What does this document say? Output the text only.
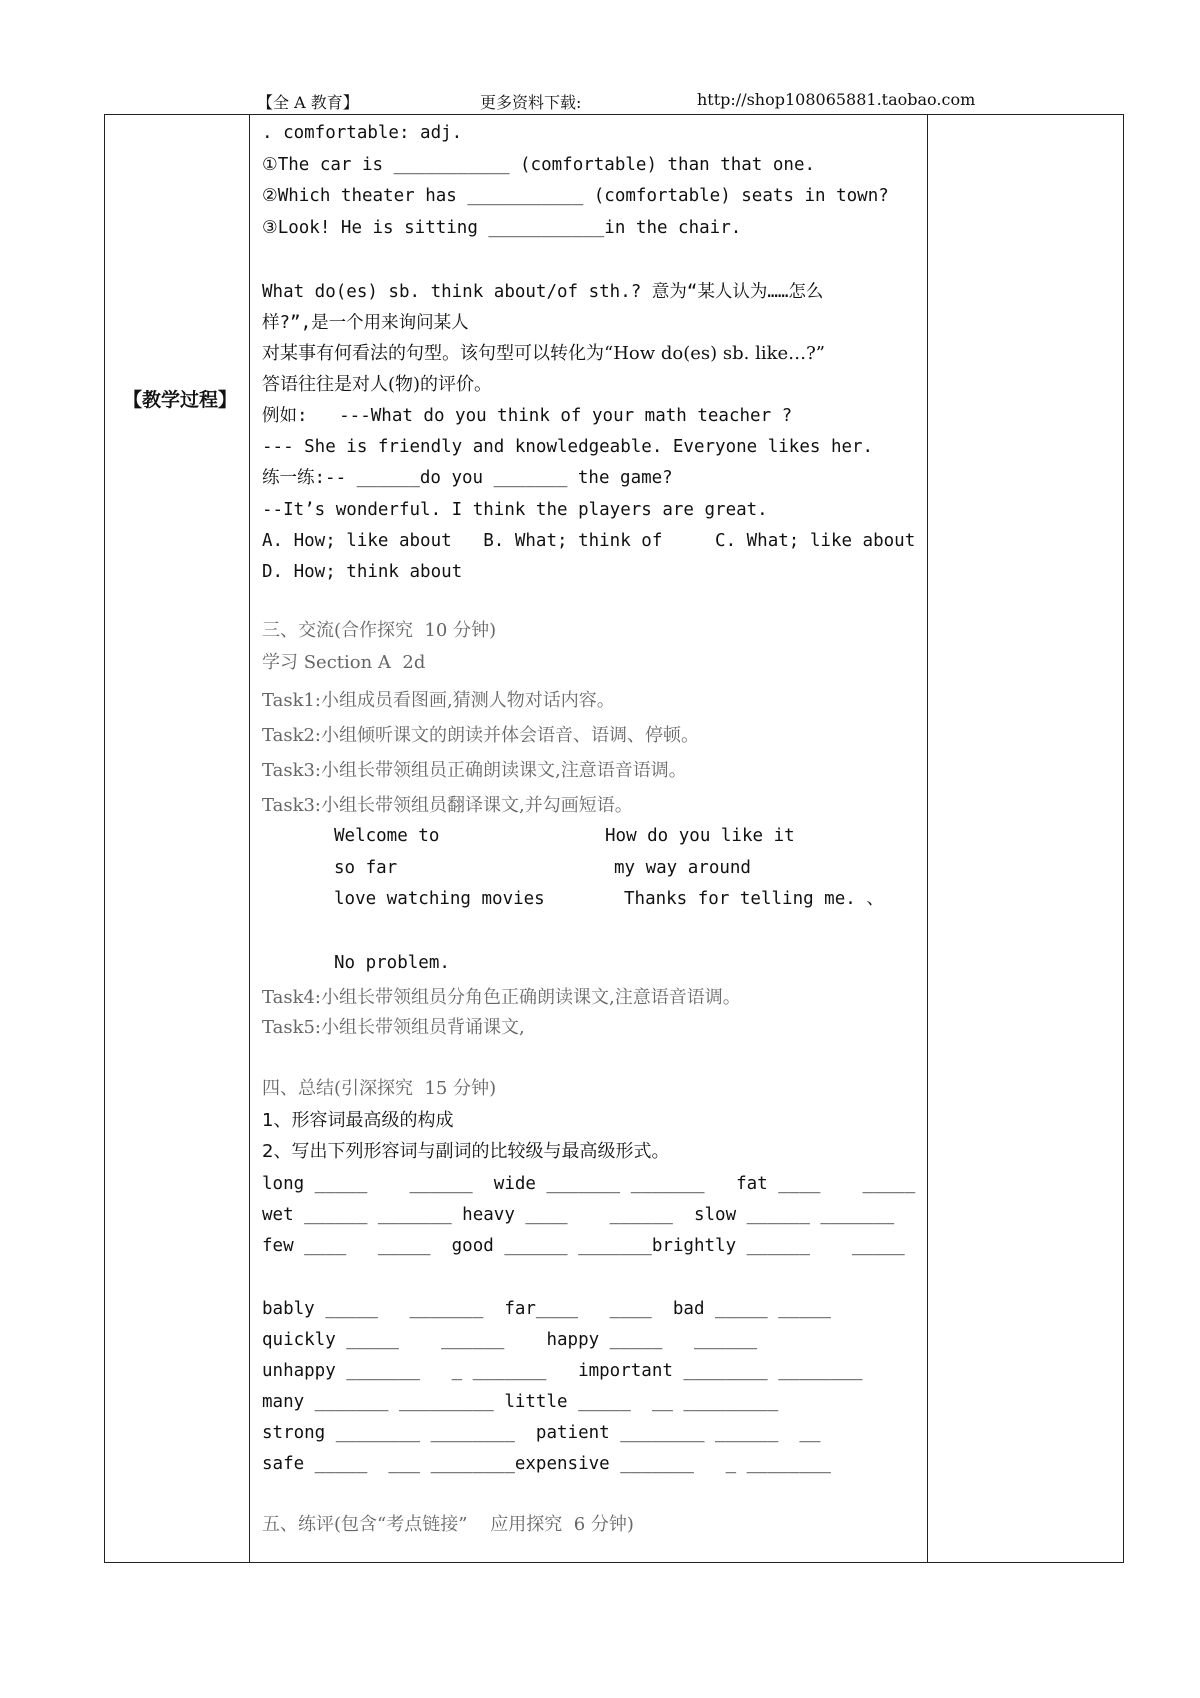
【全 A 教育】	更多资料下载:	http://shop108065881.taobao.com
【教学过程】
. comfortable: adj.
①The car is ___________ (comfortable) than that one.
②Which theater has ___________ (comfortable) seats in town?
③Look! He is sitting ___________in the chair.
What do(es) sb. think about/of sth.? 意为“某人认为……怎么
样?”,是一个用来询问某人
对某事有何看法的句型。该句型可以转化为“How do(es) sb. like…?”
答语往往是对人(物)的评价。
例如:   ---What do you think of your math teacher ?
--- She is friendly and knowledgeable. Everyone likes her.
练一练:-- ______do you _______ the game?
--It’s wonderful. I think the players are great.
A. How; like about   B. What; think of     C. What; like about
D. How; think about
三、交流(合作探究  10 分钟)
学习 Section A  2d
Task1:小组成员看图画,猜测人物对话内容。
Task2:小组倾听课文的朗读并体会语音、语调、停顿。
Task3:小组长带领组员正确朗读课文,注意语音语调。
Task3:小组长带领组员翻译课文,并勾画短语。
Welcome to	How do you like it
so far	my way around
love watching movies	Thanks for telling me. 、
No problem.
Task4:小组长带领组员分角色正确朗读课文,注意语音语调。
Task5:小组长带领组员背诵课文,
四、总结(引深探究  15 分钟)
1、形容词最高级的构成
2、写出下列形容词与副词的比较级与最高级形式。
long _____    ______  wide _______ _______   fat ____    _____
wet ______ _______ heavy ____    ______  slow ______ _______
few ____   _____  good ______ _______brightly ______    _____
bably _____   _______  far____   ____  bad _____ _____
quickly _____    ______    happy _____   ______
unhappy _______   _ _______   important ________ ________
many _______ _________ little _____  __ _________
strong ________ ________  patient ________ ______  __
safe _____  ___ ________expensive _______   _ ________
五、练评(包含“考点链接”    应用探究  6 分钟)
